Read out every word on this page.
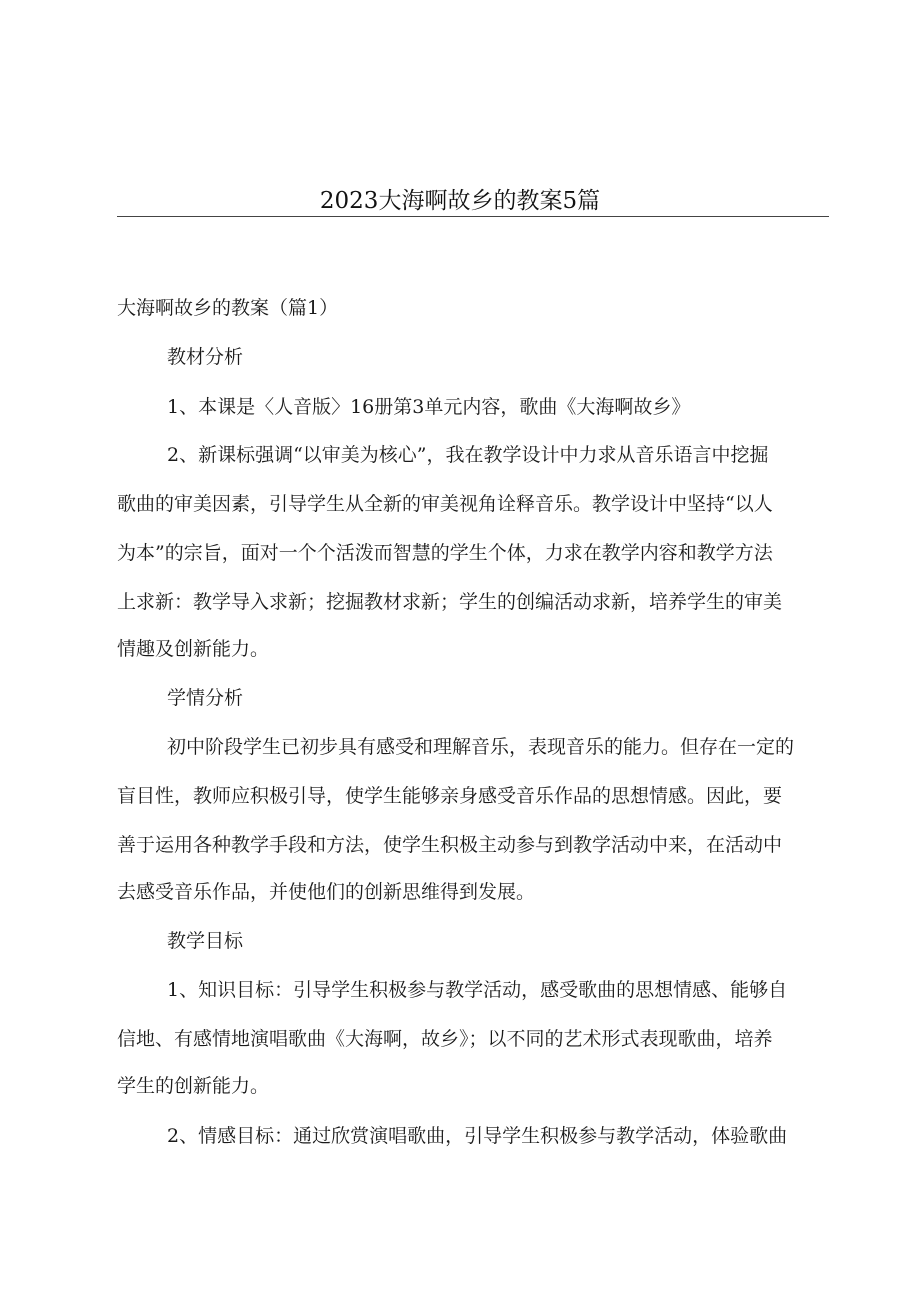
2023大海啊故乡的教案5篇
大海啊故乡的教案（篇1）
教材分析
1、本课是〈人音版〉16册第3单元内容，歌曲《大海啊故乡》
2、新课标强调“以审美为核心”，我在教学设计中力求从音乐语言中挖掘
歌曲的审美因素，引导学生从全新的审美视角诠释音乐。教学设计中坚持“以人
为本”的宗旨，面对一个个活泼而智慧的学生个体，力求在教学内容和教学方法
上求新：教学导入求新；挖掘教材求新；学生的创编活动求新，培养学生的审美
情趣及创新能力。
学情分析
初中阶段学生已初步具有感受和理解音乐，表现音乐的能力。但存在一定的
盲目性，教师应积极引导，使学生能够亲身感受音乐作品的思想情感。因此，要
善于运用各种教学手段和方法，使学生积极主动参与到教学活动中来，在活动中
去感受音乐作品，并使他们的创新思维得到发展。
教学目标
1、知识目标：引导学生积极参与教学活动，感受歌曲的思想情感、能够自
信地、有感情地演唱歌曲《大海啊，故乡》；以不同的艺术形式表现歌曲，培养
学生的创新能力。
2、情感目标：通过欣赏演唱歌曲，引导学生积极参与教学活动，体验歌曲
